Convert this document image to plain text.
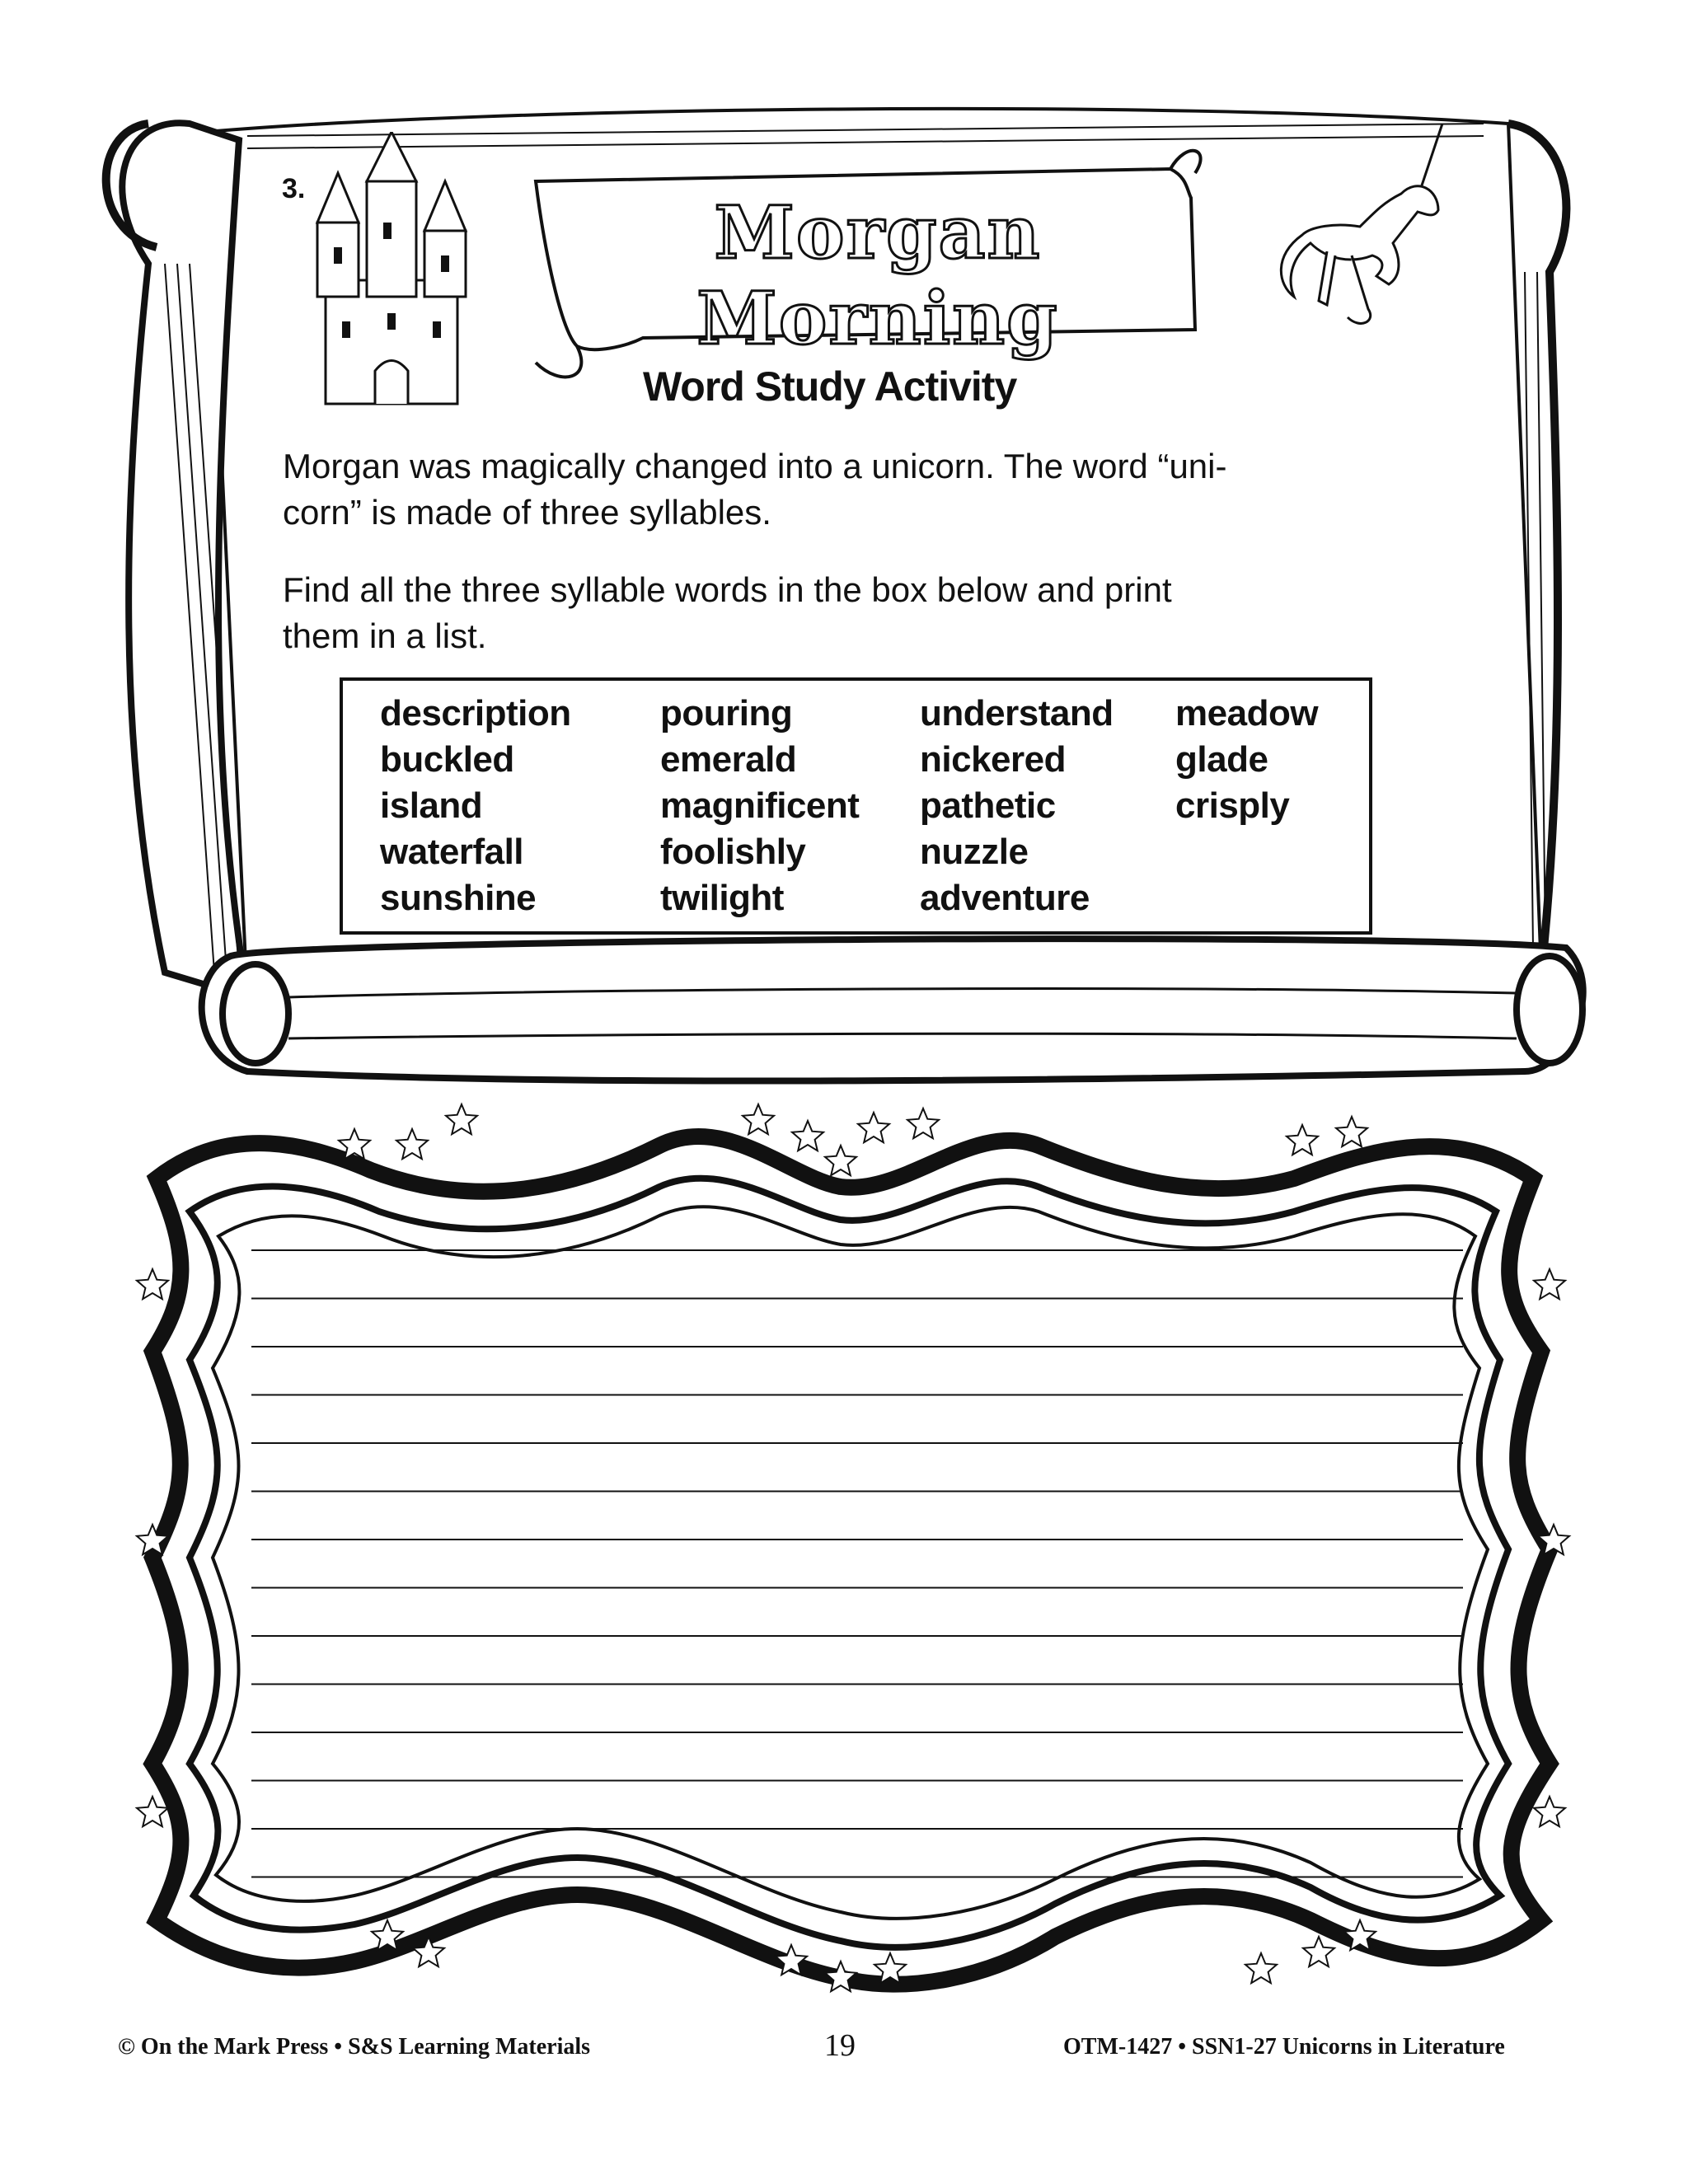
3.
Morgan Morning
Word Study Activity
Morgan was magically changed into a unicorn. The word “uni-
corn” is made of three syllables.
Find all the three syllable words in the box below and print
them in a list.
description
buckled
island
waterfall
sunshine
pouring
emerald
magnificent
foolishly
twilight
understand
nickered
pathetic
nuzzle
adventure
meadow
glade
crisply
© On the Mark Press • S&S Learning Materials	19	OTM-1427 • SSN1-27 Unicorns in Literature
